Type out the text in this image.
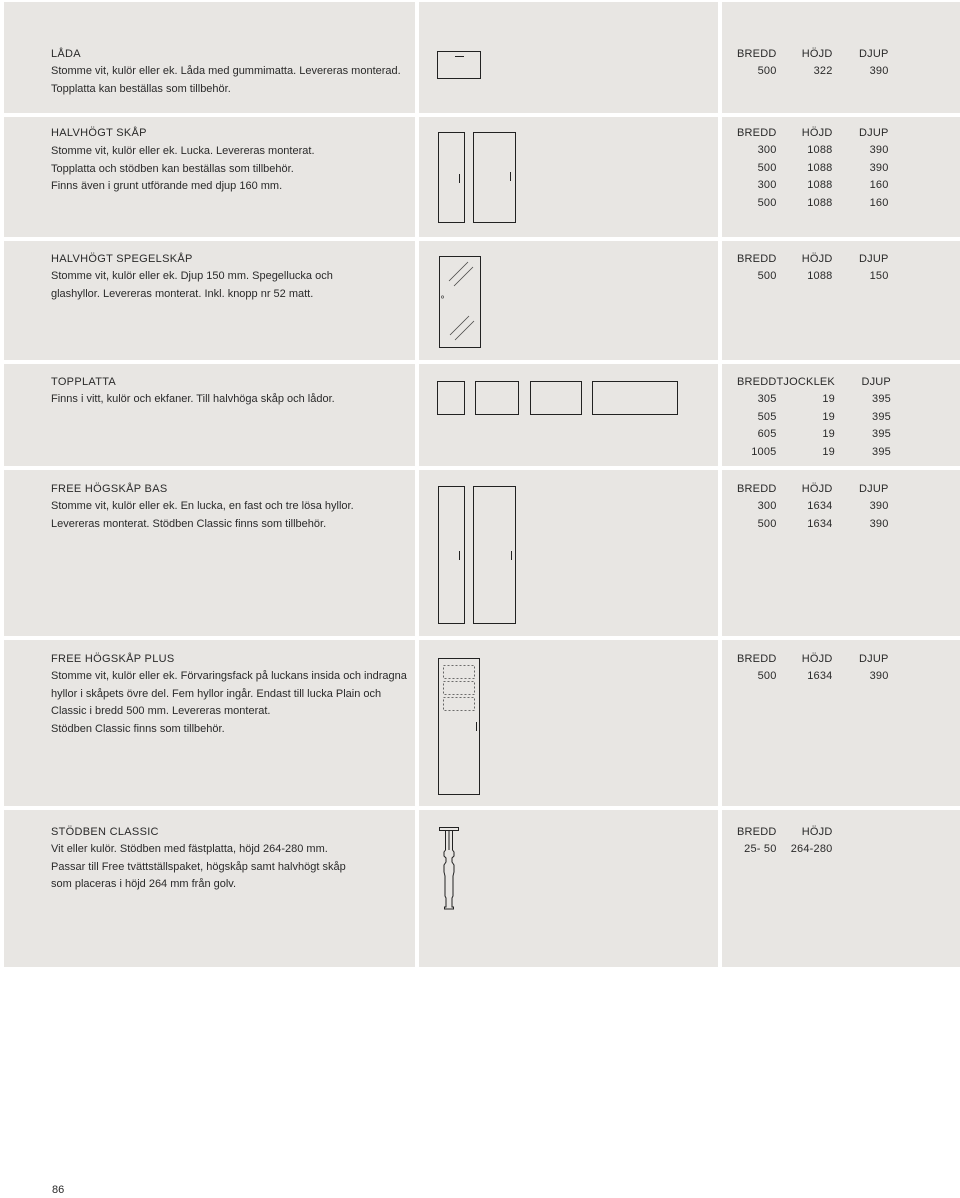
LÅDA
Stomme vit, kulör eller ek. Låda med gummimatta. Levereras monterad.
Topplatta kan beställas som tillbehör.
BREDD	HÖJD	DJUP
500	322	390
HALVHÖGT SKÅP
Stomme vit, kulör eller ek. Lucka. Levereras monterat.
Topplatta och stödben kan beställas som tillbehör.
Finns även i grunt utförande med djup 160 mm.
BREDD	HÖJD	DJUP
300	1088	390
500	1088	390
300	1088	160
500	1088	160
HALVHÖGT SPEGELSKÅP
Stomme vit, kulör eller ek. Djup 150 mm. Spegellucka och
glashyllor. Levereras monterat. Inkl. knopp nr 52 matt.
BREDD	HÖJD	DJUP
500	1088	150
TOPPLATTA
Finns i vitt, kulör och ekfaner. Till halvhöga skåp och lådor.
BREDD	TJOCKLEK	DJUP
305	19	395
505	19	395
605	19	395
1005	19	395
FREE HÖGSKÅP BAS
Stomme vit, kulör eller ek. En lucka, en fast och tre lösa hyllor.
Levereras monterat. Stödben Classic finns som tillbehör.
BREDD	HÖJD	DJUP
300	1634	390
500	1634	390
FREE HÖGSKÅP PLUS
Stomme vit, kulör eller ek. Förvaringsfack på luckans insida och indragna
hyllor i skåpets övre del. Fem hyllor ingår. Endast till lucka Plain och
Classic i bredd 500 mm. Levereras monterat.
Stödben Classic finns som tillbehör.
BREDD	HÖJD	DJUP
500	1634	390
STÖDBEN CLASSIC
Vit eller kulör. Stödben med fästplatta, höjd 264-280 mm.
Passar till Free tvättställspaket, högskåp samt halvhögt skåp
som placeras i höjd 264 mm från golv.
BREDD	HÖJD
25- 50	264-280
86
